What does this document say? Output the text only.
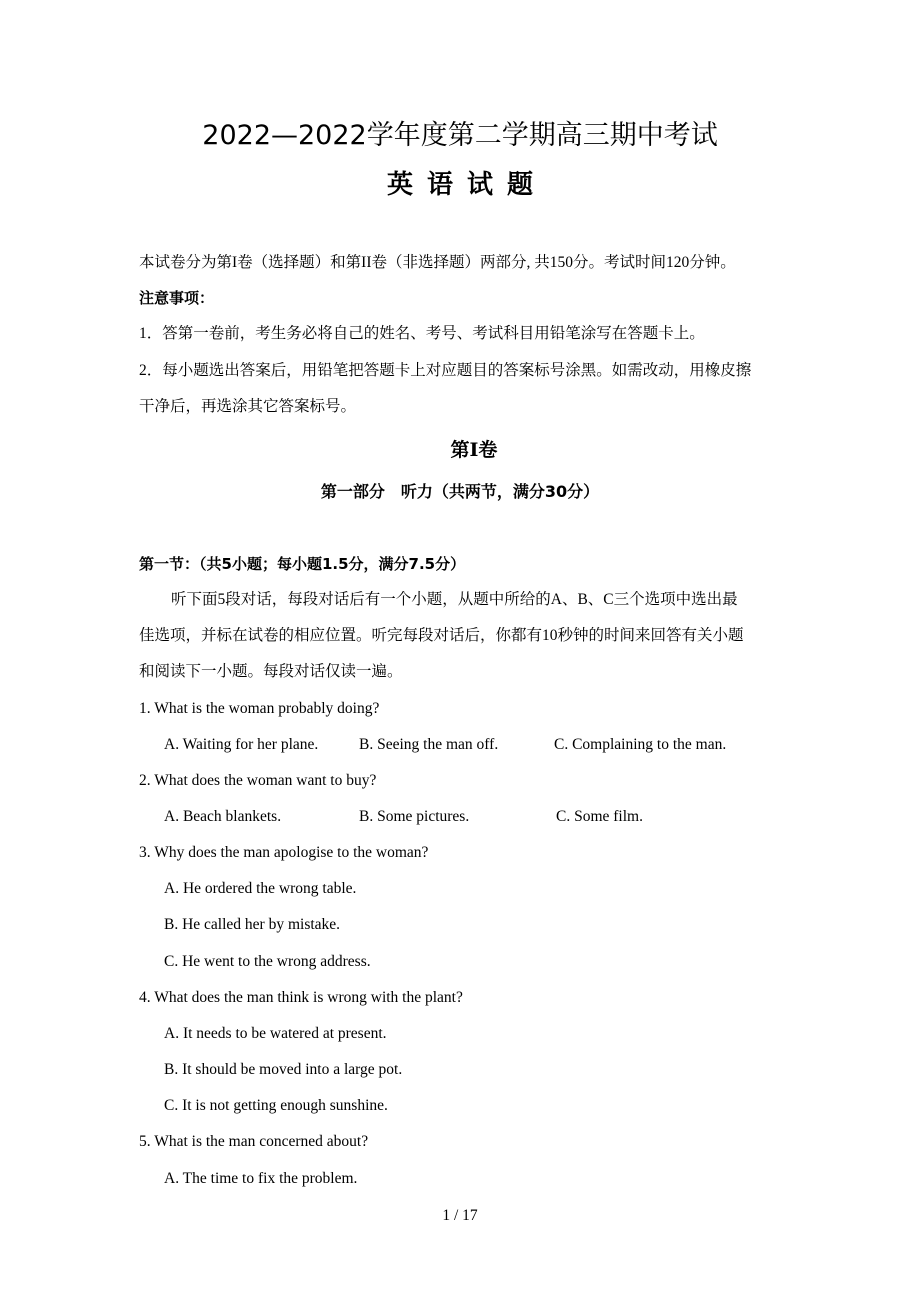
2022—2022学年度第二学期高三期中考试
英语试题
本试卷分为第I卷（选择题）和第II卷（非选择题）两部分, 共150分。考试时间120分钟。
注意事项：
1．答第一卷前，考生务必将自己的姓名、考号、考试科目用铅笔涂写在答题卡上。
2．每小题选出答案后，用铅笔把答题卡上对应题目的答案标号涂黑。如需改动，用橡皮擦
干净后，再选涂其它答案标号。
第I卷
第一部分　听力（共两节，满分30分）
第一节：（共5小题；每小题1.5分，满分7.5分）
听下面5段对话，每段对话后有一个小题，从题中所给的A、B、C三个选项中选出最
佳选项，并标在试卷的相应位置。听完每段对话后，你都有10秒钟的时间来回答有关小题
和阅读下一小题。每段对话仅读一遍。
1. What is the woman probably doing?
A. Waiting for her plane.	B. Seeing the man off.	C. Complaining to the man.
2. What does the woman want to buy?
A. Beach blankets.	B. Some pictures.	C. Some film.
3. Why does the man apologise to the woman?
A. He ordered the wrong table.
B. He called her by mistake.
C. He went to the wrong address.
4. What does the man think is wrong with the plant?
A. It needs to be watered at present.
B. It should be moved into a large pot.
C. It is not getting enough sunshine.
5. What is the man concerned about?
A. The time to fix the problem.
1 / 17
